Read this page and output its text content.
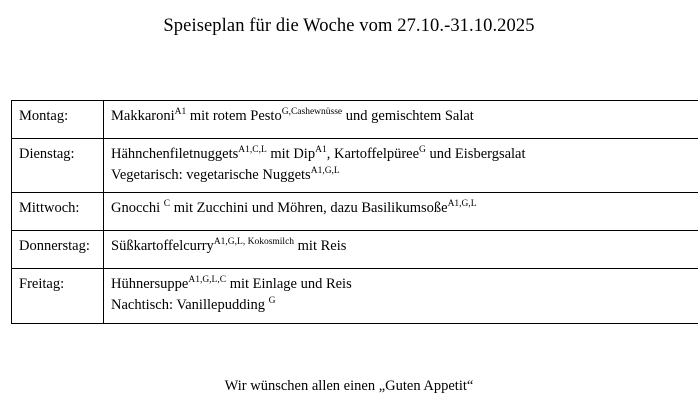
Speiseplan für die Woche vom 27.10.-31.10.2025
Montag:	Makkaroni$^{A1}$ mit rotem Pesto$^{G,Cashewnüsse}$ und gemischtem Salat

Dienstag:	Hähnchenfiletnuggets$^{A1,C,L}$ mit Dip$^{A1}$, Kartoffelpüree$^G$ und Eisbergsalat
Vegetarisch: vegetarische Nuggets$^{A1,G,L}$

Mittwoch:	Gnocchi $^C$ mit Zucchini und Möhren, dazu Basilikumsoße$^{A1,G,L}$

Donnerstag:	Süßkartoffelcurry$^{A1,G,L, Kokosmilch}$ mit Reis

Freitag:	Hühnersuppe$^{A1,G,L,C}$ mit Einlage und Reis
Nachtisch: Vanillepudding $^G$
Wir wünschen allen einen „Guten Appetit“
